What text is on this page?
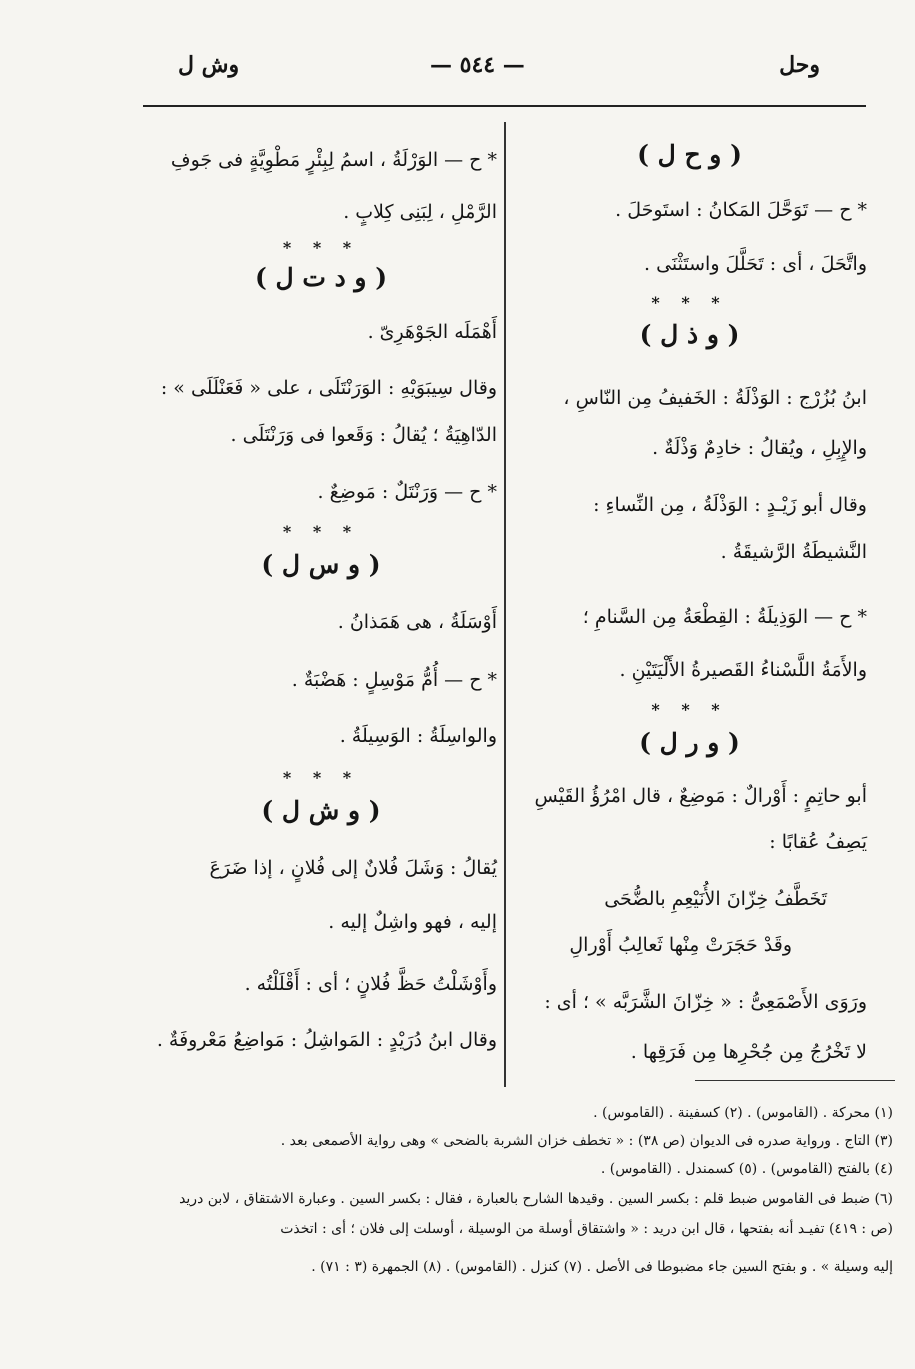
وحل
— ٥٤٤ —
وش ل
( و ح ل )
* ح — تَوَحَّلَ المَكانُ : استَوحَلَ .
واتَّحَلَ ، أى : تَحَلَّلَ واستَثْنَى .
* * *
( و ذ ل )
ابنُ بُزُرْج : الوَذْلَةُ : الخَفيفُ مِن النّاسِ ،
والإِبِلِ ، ويُقالُ : خادِمٌ وَذْلَةٌ .
وقال أبو زَيْـدٍ : الوَذْلَةُ ، مِن النِّساءِ :
النَّشيطَةُ الرَّشيقَةُ .
* ح — الوَذِيلَةُ : القِطْعَةُ مِن السَّنامِ ؛
والأَمَةُ اللَّسْناءُ القَصيرةُ الأَلْيَتَيْنِ .
* * *
( و ر ل )
أبو حاتِمٍ : أَوْرالٌ : مَوضِعٌ ، قال امْرُؤُ القَيْسِ
يَصِفُ عُقابًا :
تَخَطَّفُ خِزّانَ الأُنَيْعِمِ بالضُّحَى
وقَدْ حَجَرَتْ مِنْها ثَعالِبُ أَوْرالِ
ورَوَى الأَصْمَعِىُّ : « خِزّانَ الشَّرَبَّه » ؛ أى :
لا تَخْرُجُ مِن جُحْرِها مِن فَرَقِها .
* ح — الوَرْلَةُ ، اسمُ لِبِئْرٍ مَطْوِيَّةٍ فى جَوفِ
الرَّمْلِ ، لِبَنِى كِلابٍ .
* * *
( و د ت ل )
أَهْمَلَه الجَوْهَرِىّ .
وقال سِيبَوَيْهِ : الوَرَنْتَلَى ، على « فَعَنْلَلَى » :
الدّاهِيَةُ ؛ يُقالُ : وَقَعوا فى وَرَنْتَلَى .
* ح — وَرَنْتَلٌ : مَوضِعٌ .
* * *
( و س ل )
أَوْسَلَةُ ، هى هَمَذانُ .
* ح — أُمُّ مَوْسِلٍ : هَضْبَةٌ .
والواسِلَةُ : الوَسِيلَةُ .
* * *
( و ش ل )
يُقالُ : وَشَلَ فُلانٌ إلى فُلانٍ ، إذا ضَرَعَ
إليه ، فهو واشِلٌ إليه .
وأَوْشَلْتُ حَظَّ فُلانٍ ؛ أى : أَقْلَلْتُه .
وقال ابنُ دُرَيْدٍ : المَواشِلُ : مَواضِعُ مَعْروفَةٌ .
(١) محركة . (القاموس) . (٢) كسفينة . (القاموس) .
(٣) التاج . ورواية صدره فى الديوان (ص ٣٨) : « تخطف خزان الشربة بالضحى » وهى رواية الأصمعى بعد .
(٤) بالفتح (القاموس) . (٥) كسمندل . (القاموس) .
(٦) ضبط فى القاموس ضبط قلم : بكسر السين . وقيدها الشارح بالعبارة ، فقال : بكسر السين . وعبارة الاشتقاق ، لابن دريد
(ص : ٤١٩) تفيـد أنه بفتحها ، قال ابن دريد : « واشتقاق أوسلة من الوسيلة ، أوسلت إلى فلان ؛ أى : اتخذت
إليه وسيلة » . و بفتح السين جاء مضبوطا فى الأصل . (٧) كنزل . (القاموس) . (٨) الجمهرة (٣ : ٧١) .
